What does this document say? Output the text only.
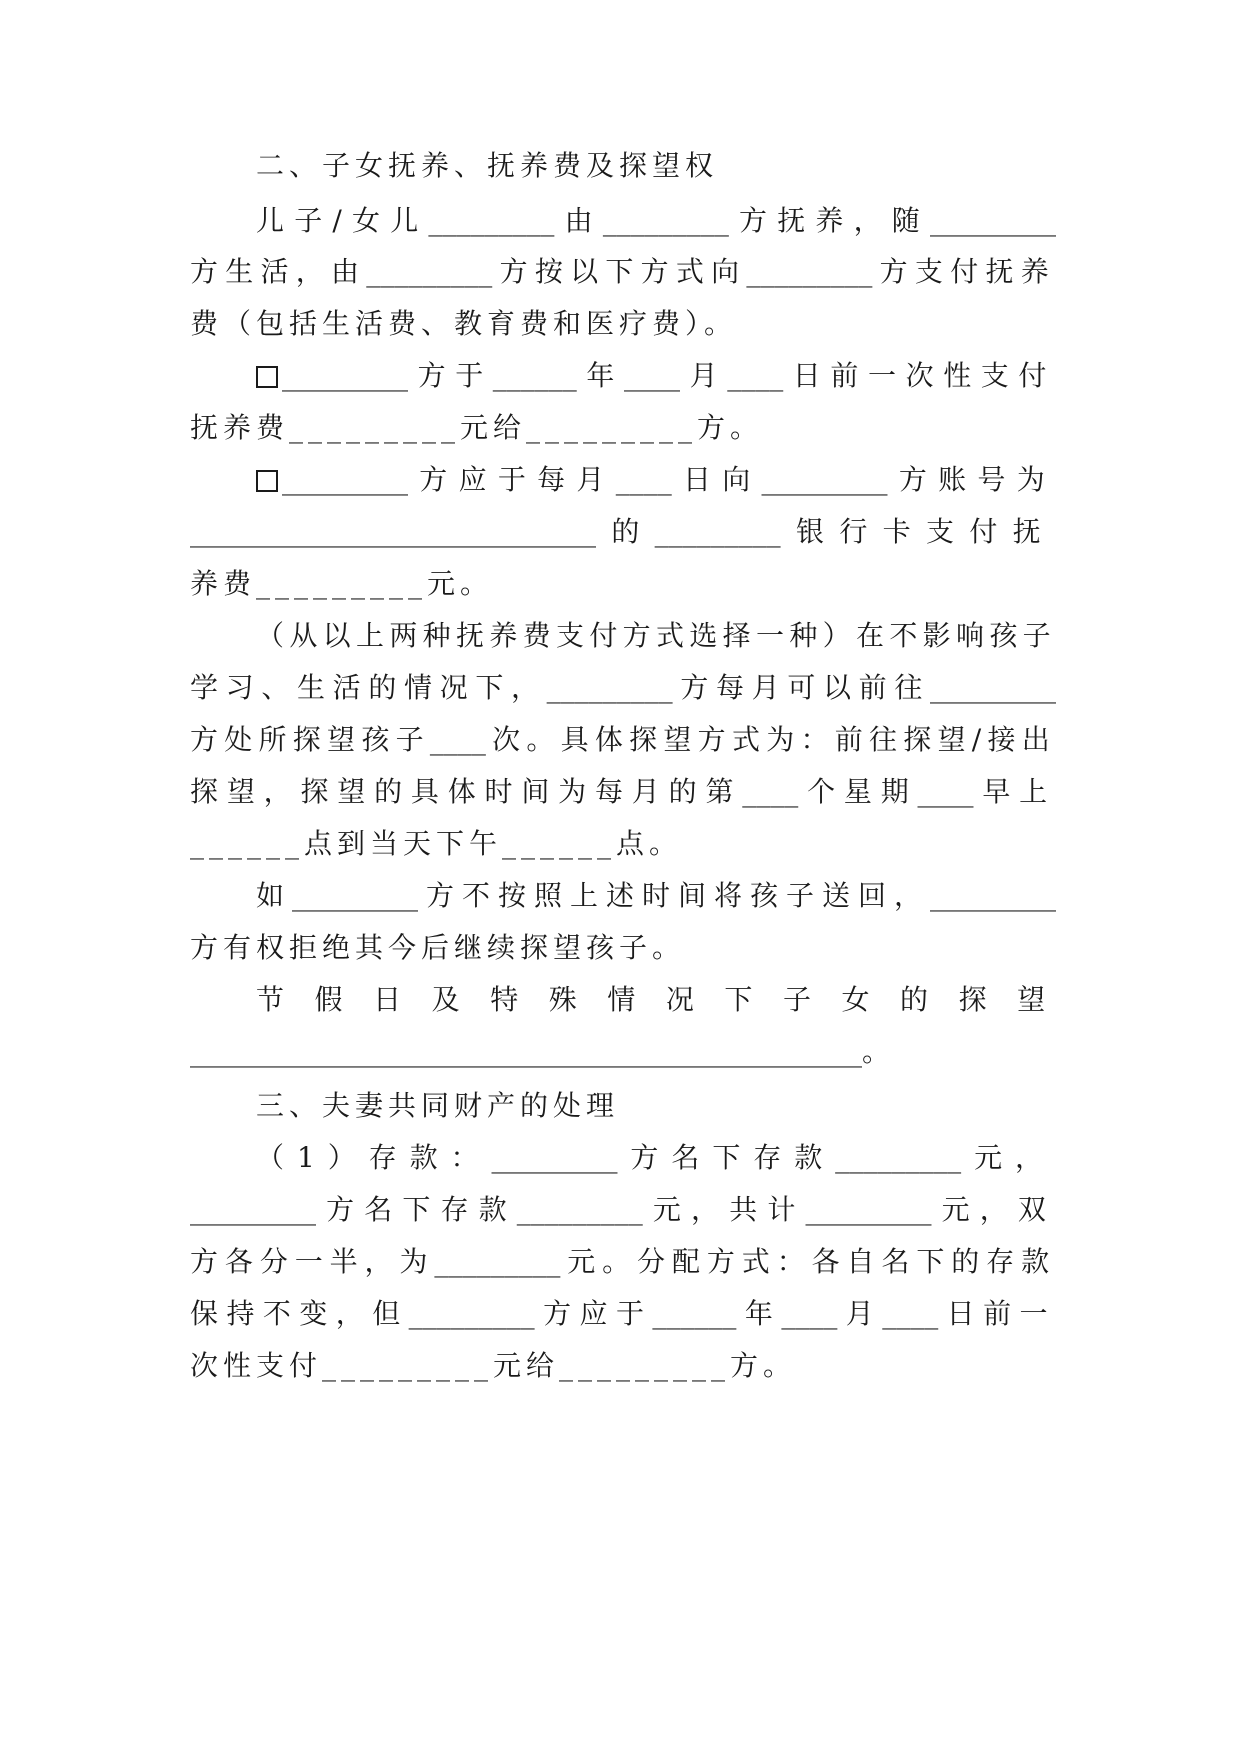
二、子女抚养、抚养费及探望权
儿子/女儿_________由_________方抚养，随_________
方生活，由_________方按以下方式向_________方支付抚养
费（包括生活费、教育费和医疗费）。
_________方于______年____月____日前一次性支付
抚养费_________元给_________方。
_________方应于每月____日向_________方账号为
_____________________________的_________银行卡支付抚
养费_________元。
（从以上两种抚养费支付方式选择一种）在不影响孩子
学习、生活的情况下，_________方每月可以前往_________
方处所探望孩子____次。具体探望方式为：前往探望/接出
探望，探望的具体时间为每月的第____个星期____早上
______点到当天下午______点。
如_________方不按照上述时间将孩子送回，_________
方有权拒绝其今后继续探望孩子。
节 假 日 及 特 殊 情 况 下 子 女 的 探 望
________________________________________________。
三、夫妻共同财产的处理
（1）存款：_________方名下存款_________元，
_________方名下存款_________元，共计_________元，双
方各分一半，为_________元。分配方式：各自名下的存款
保持不变，但_________方应于______年____月____日前一
次性支付_________元给_________方。
